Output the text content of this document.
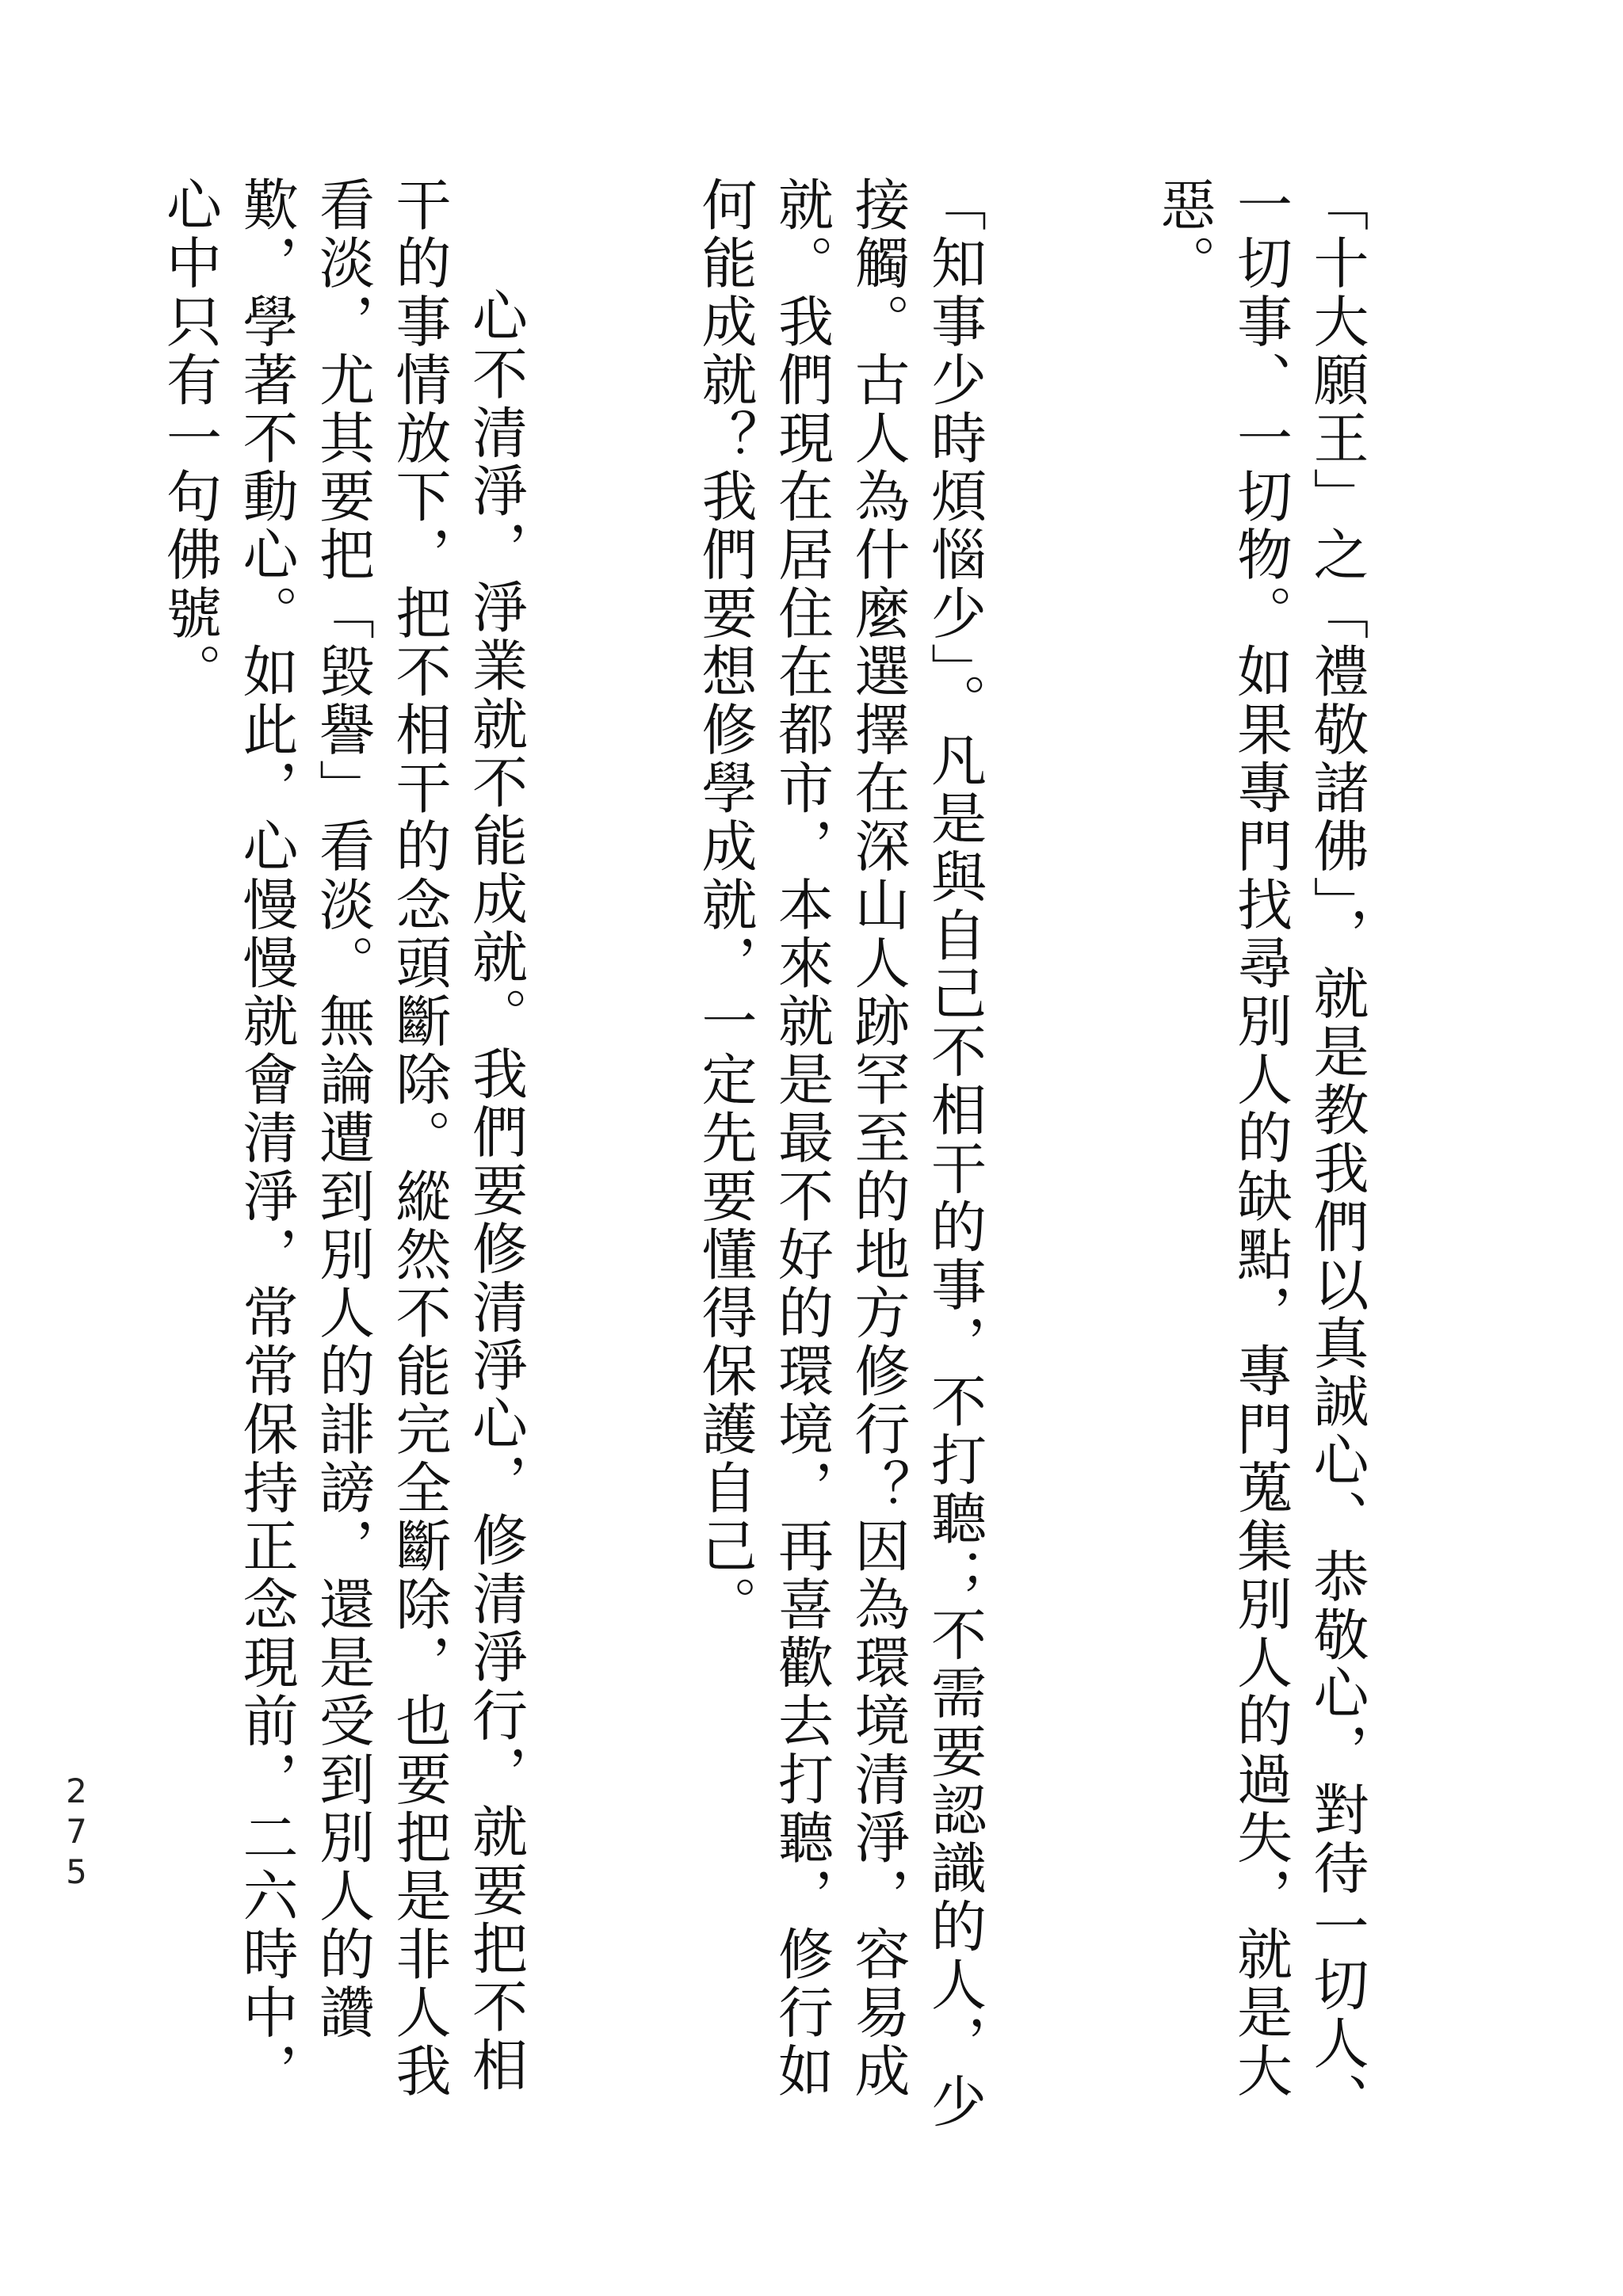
「十大願王」之「禮敬諸佛」，就是教我們以真誠心、恭敬心，對待一切人、一切事、一切物。如果專門找尋別人的缺點，專門蒐集別人的過失，就是大惡。

「知事少時煩惱少」。凡是與自己不相干的事，不打聽；不需要認識的人，少接觸。古人為什麼選擇在深山人跡罕至的地方修行？因為環境清淨，容易成就。我們現在居住在都市，本來就是最不好的環境，再喜歡去打聽，修行如何能成就？我們要想修學成就，一定先要懂得保護自己。

心不清淨，淨業就不能成就。我們要修清淨心，修清淨行，就要把不相干的事情放下，把不相干的念頭斷除。縱然不能完全斷除，也要把是非人我看淡，尤其要把「毀譽」看淡。無論遭到別人的誹謗，還是受到別人的讚歎，學著不動心。如此，心慢慢就會清淨，常常保持正念現前，二六時中，心中只有一句佛號。

275
